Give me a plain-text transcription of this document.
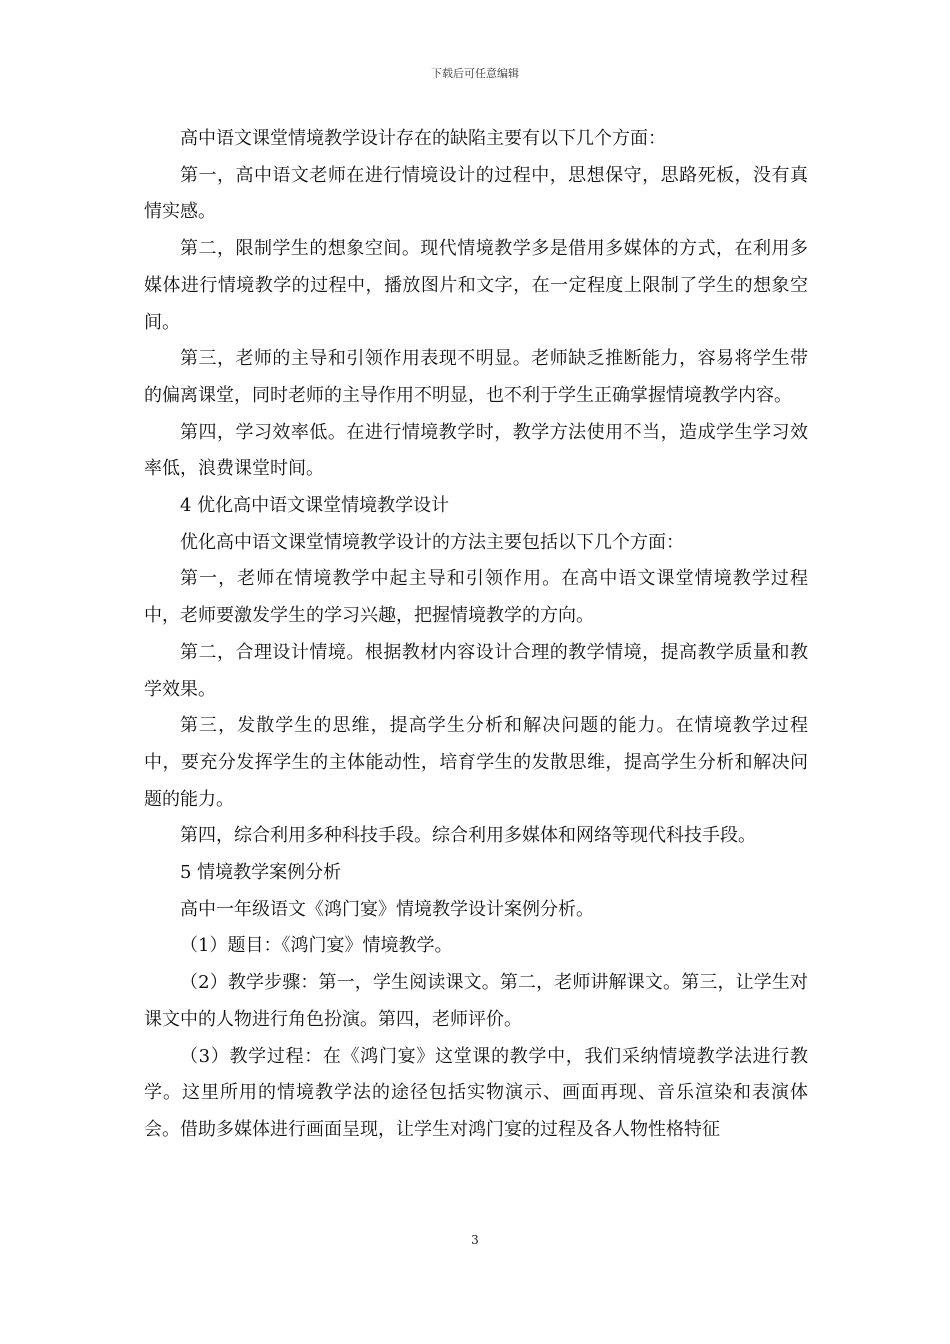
下载后可任意编辑

高中语文课堂情境教学设计存在的缺陷主要有以下几个方面：

第一，高中语文老师在进行情境设计的过程中，思想保守，思路死板，没有真情实感。

第二，限制学生的想象空间。现代情境教学多是借用多媒体的方式，在利用多媒体进行情境教学的过程中，播放图片和文字，在一定程度上限制了学生的想象空间。

第三，老师的主导和引领作用表现不明显。老师缺乏推断能力，容易将学生带的偏离课堂，同时老师的主导作用不明显，也不利于学生正确掌握情境教学内容。

第四，学习效率低。在进行情境教学时，教学方法使用不当，造成学生学习效率低，浪费课堂时间。

4 优化高中语文课堂情境教学设计

优化高中语文课堂情境教学设计的方法主要包括以下几个方面：

第一，老师在情境教学中起主导和引领作用。在高中语文课堂情境教学过程中，老师要激发学生的学习兴趣，把握情境教学的方向。

第二，合理设计情境。根据教材内容设计合理的教学情境，提高教学质量和教学效果。

第三，发散学生的思维，提高学生分析和解决问题的能力。在情境教学过程中，要充分发挥学生的主体能动性，培育学生的发散思维，提高学生分析和解决问题的能力。

第四，综合利用多种科技手段。综合利用多媒体和网络等现代科技手段。

5 情境教学案例分析

高中一年级语文《鸿门宴》情境教学设计案例分析。

（1）题目：《鸿门宴》情境教学。

（2）教学步骤：第一，学生阅读课文。第二，老师讲解课文。第三，让学生对课文中的人物进行角色扮演。第四，老师评价。

（3）教学过程：在《鸿门宴》这堂课的教学中，我们采纳情境教学法进行教学。这里所用的情境教学法的途径包括实物演示、画面再现、音乐渲染和表演体会。借助多媒体进行画面呈现，让学生对鸿门宴的过程及各人物性格特征

3
